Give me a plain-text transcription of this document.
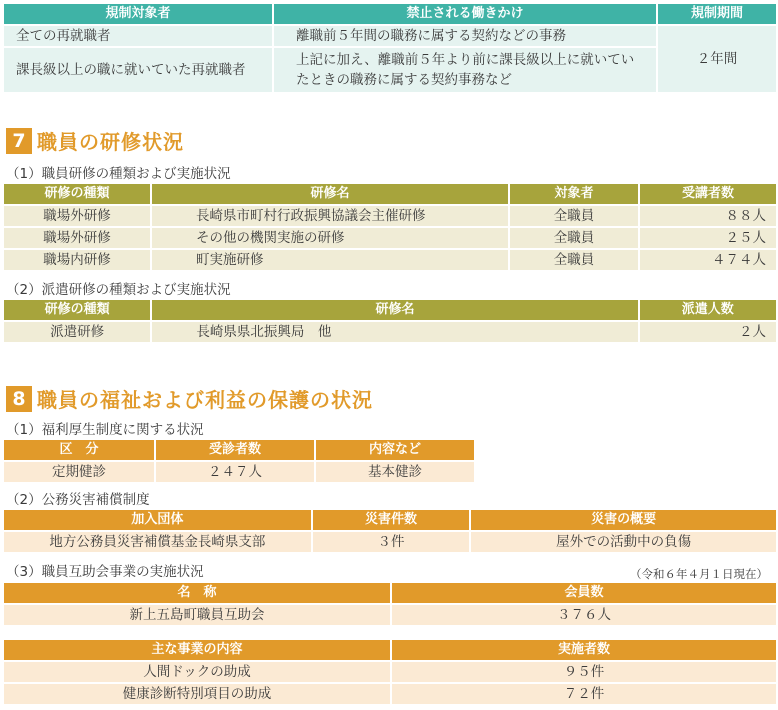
規制対象者	禁止される働きかけ	規制期間
全ての再就職者	離職前５年間の職務に属する契約などの事務	２年間
課長級以上の職に就いていた再就職者	上記に加え、離職前５年より前に課長級以上に就いていたときの職務に属する契約事務など	
7 職員の研修状況
（1）職員研修の種類および実施状況
研修の種類	研修名	対象者	受講者数
職場外研修	長崎県市町村行政振興協議会主催研修	全職員	８８人
職場外研修	その他の機関実施の研修	全職員	２５人
職場内研修	町実施研修	全職員	４７４人
（2）派遣研修の種類および実施状況
研修の種類	研修名	派遣人数
派遣研修	長崎県県北振興局　他	２人
8 職員の福祉および利益の保護の状況
（1）福利厚生制度に関する状況
区　分	受診者数	内容など
定期健診	２４７人	基本健診
（2）公務災害補償制度
加入団体	災害件数	災害の概要
地方公務員災害補償基金長崎県支部	３件	屋外での活動中の負傷
（3）職員互助会事業の実施状況	（令和６年４月１日現在）
名　称	会員数
新上五島町職員互助会	３７６人
主な事業の内容	実施者数
人間ドックの助成	９５件
健康診断特別項目の助成	７２件
